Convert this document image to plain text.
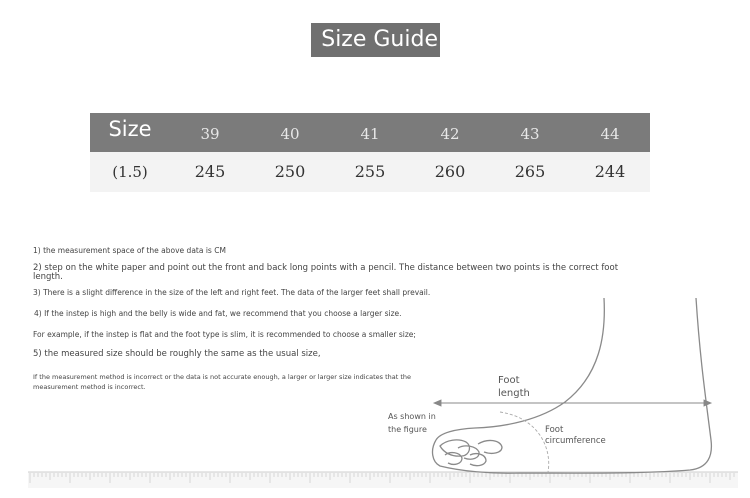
Size Guide
Size	39	40	41	42	43	44
(1.5)	245	250	255	260	265	244
1) the measurement space of the above data is CM
2) step on the white paper and point out the front and back long points with a pencil. The distance between two points is the correct foot length.
3) There is a slight difference in the size of the left and right feet. The data of the larger feet shall prevail.
4) If the instep is high and the belly is wide and fat, we recommend that you choose a larger size.
For example, if the instep is flat and the foot type is slim, it is recommended to choose a smaller size;
5) the measured size should be roughly the same as the usual size,
If the measurement method is incorrect or the data is not accurate enough, a larger or larger size indicates that the measurement method is incorrect.
Foot
length
As shown in
the figure	Foot
circumference
